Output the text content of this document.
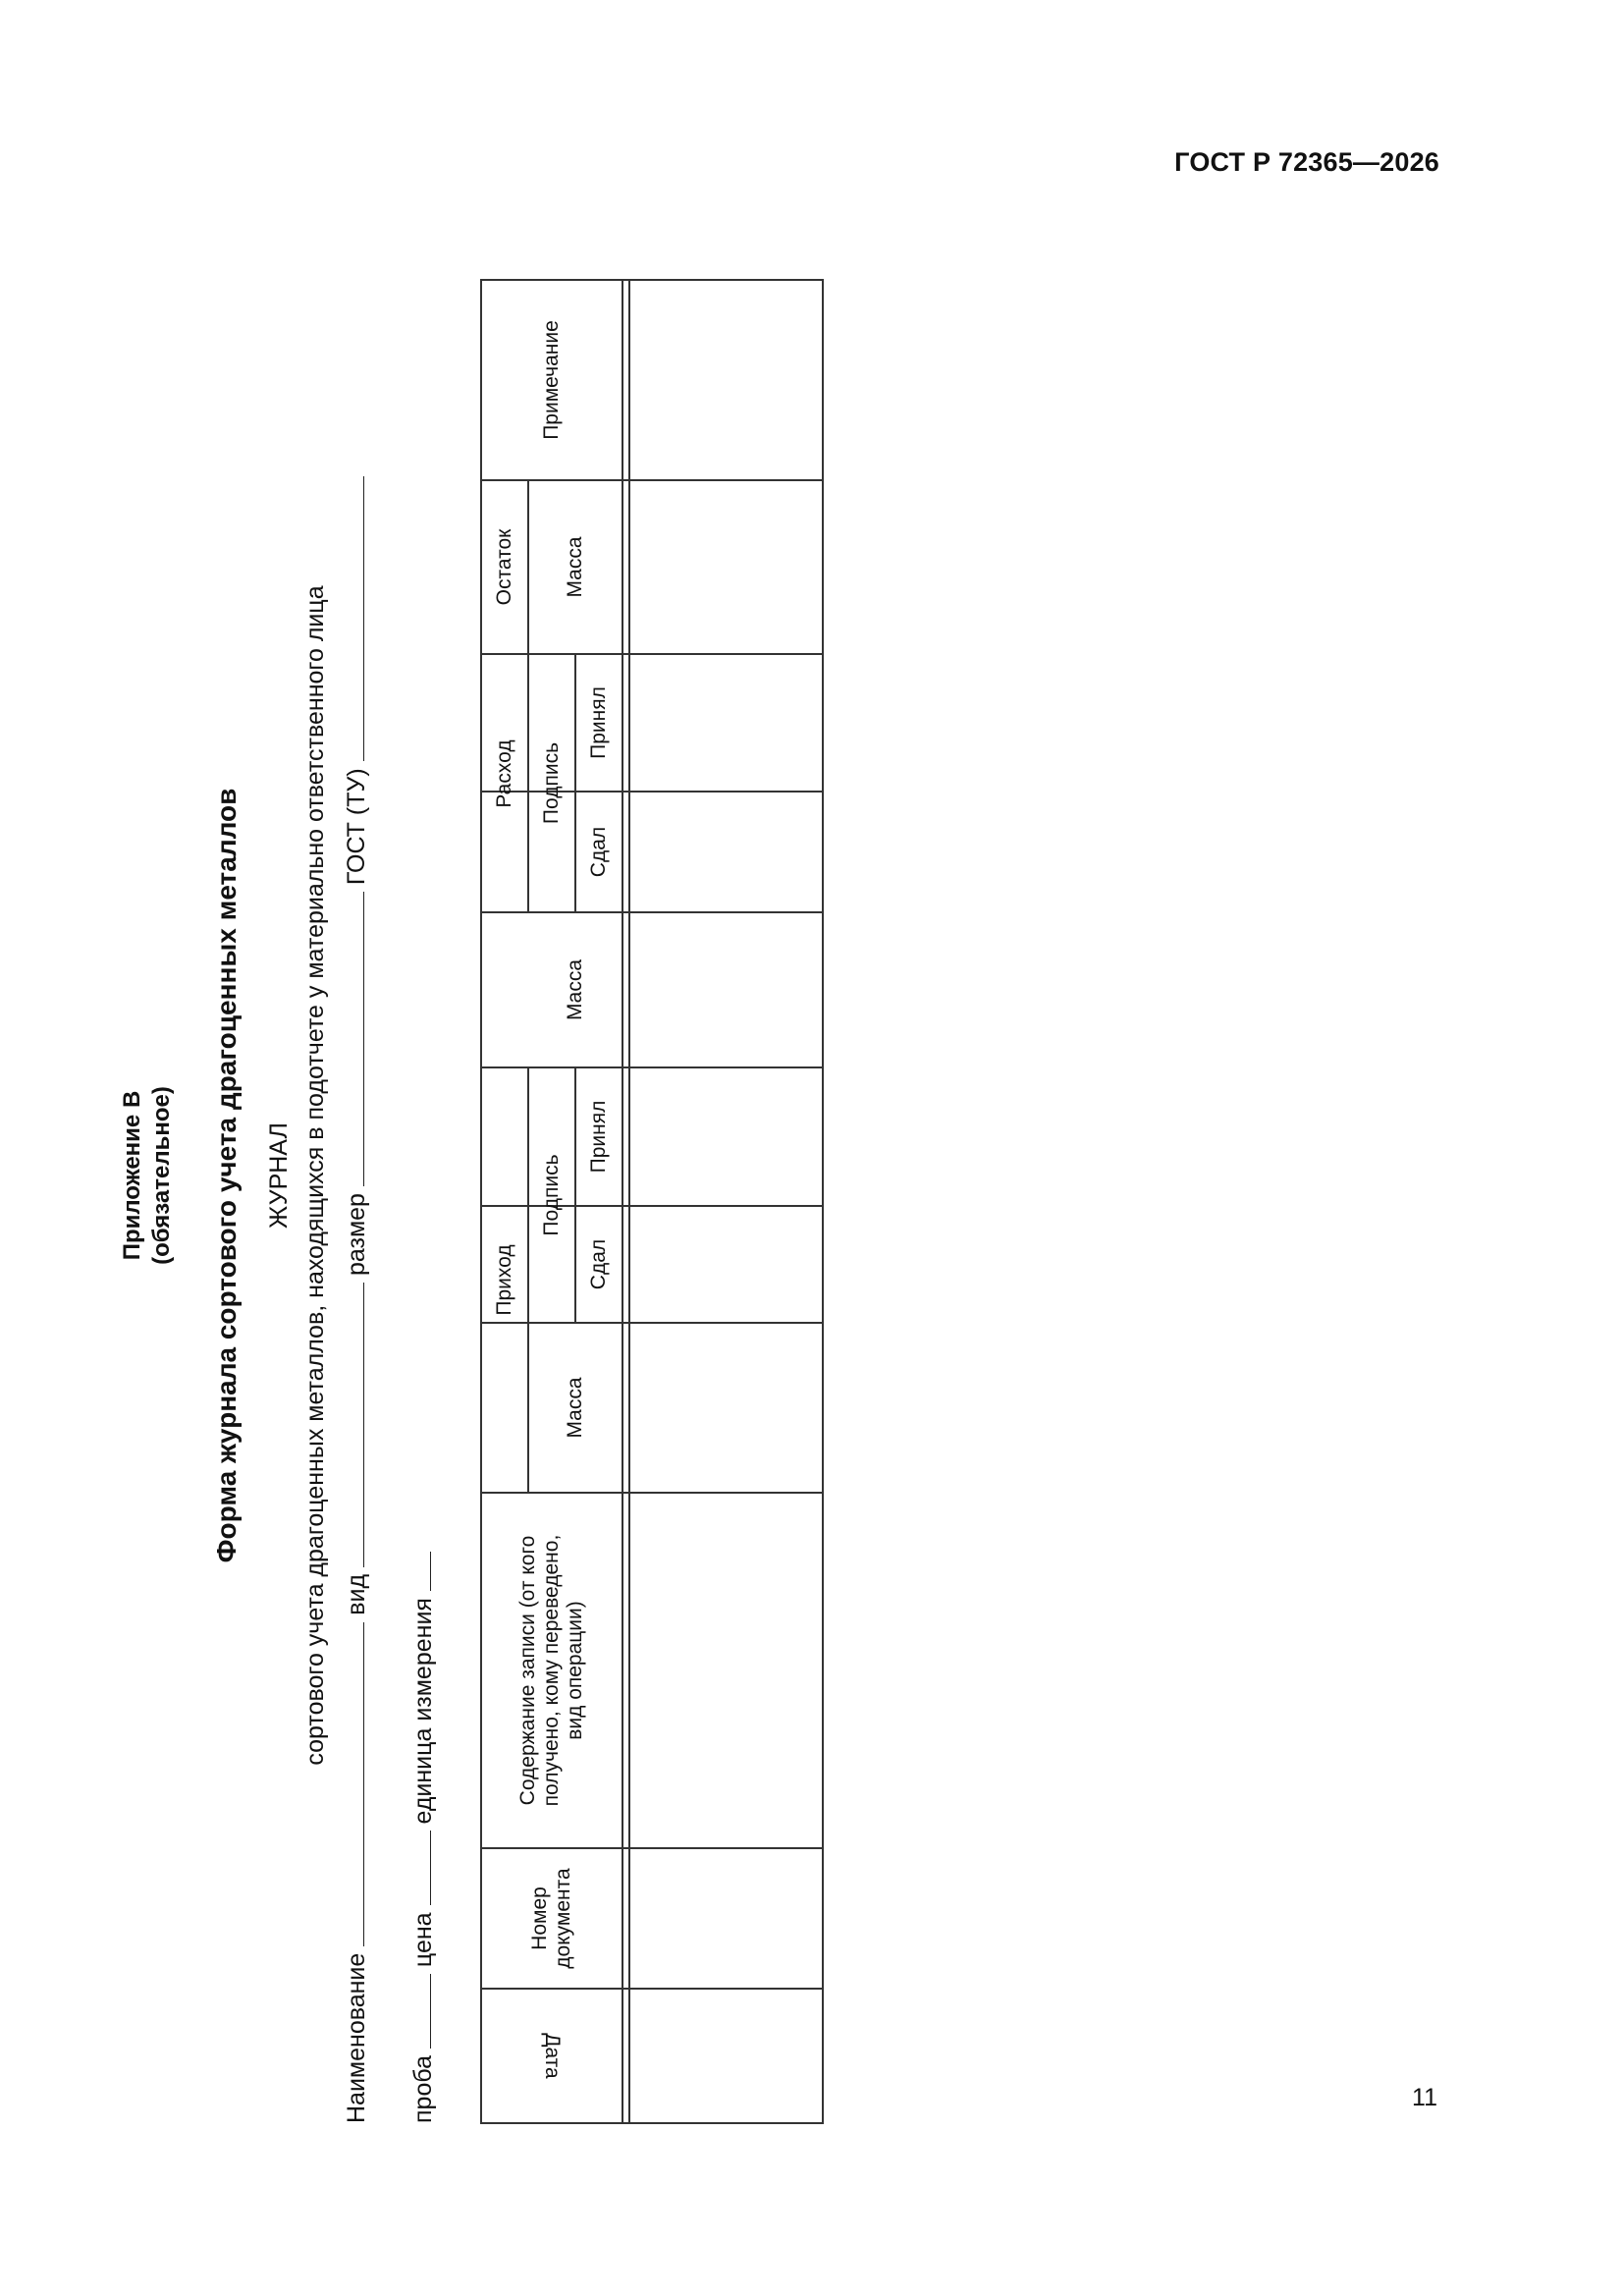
ГОСТ Р 72365—2026
Приложение В (обязательное) Форма журнала сортового учета драгоценных металлов ЖУРНАЛ сортового учета драгоценных металлов, находящихся в подотчете у материально ответственного лица
Наименование  вид  размер  ГОСТ (ТУ)
проба  цена  единица измерения
Дата
Номер документа
Содержание записи (от кого получено, кому переведено, вид операции)
Приход
Масса
Подпись
Сдал
Принял
Расход
Масса
Подпись
Сдал
Принял
Остаток Масса
Примечание
11
